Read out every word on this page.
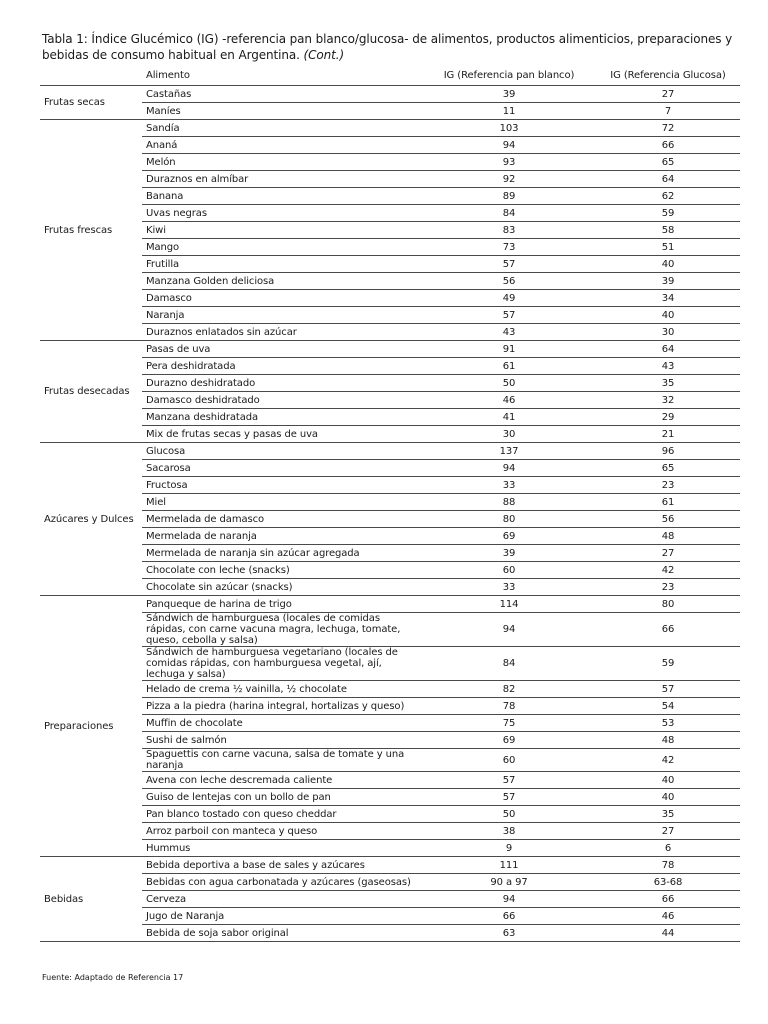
Tabla 1: Índice Glucémico (IG) -referencia pan blanco/glucosa- de alimentos, productos alimenticios, preparaciones y bebidas de consumo habitual en Argentina. (Cont.)
	Alimento	IG (Referencia pan blanco)	IG (Referencia Glucosa)
Frutas secas	Castañas	39	27
	Maníes	11	7
Frutas frescas	Sandía	103	72
	Ananá	94	66
	Melón	93	65
	Duraznos en almíbar	92	64
	Banana	89	62
	Uvas negras	84	59
	Kiwi	83	58
	Mango	73	51
	Frutilla	57	40
	Manzana Golden deliciosa	56	39
	Damasco	49	34
	Naranja	57	40
	Duraznos enlatados sin azúcar	43	30
Frutas desecadas	Pasas de uva	91	64
	Pera deshidratada	61	43
	Durazno deshidratado	50	35
	Damasco deshidratado	46	32
	Manzana deshidratada	41	29
	Mix de frutas secas y pasas de uva	30	21
Azúcares y Dulces	Glucosa	137	96
	Sacarosa	94	65
	Fructosa	33	23
	Miel	88	61
	Mermelada de damasco	80	56
	Mermelada de naranja	69	48
	Mermelada de naranja sin azúcar agregada	39	27
	Chocolate con leche (snacks)	60	42
	Chocolate sin azúcar (snacks)	33	23
Preparaciones	Panqueque de harina de trigo	114	80
	Sándwich de hamburguesa (locales de comidas rápidas, con carne vacuna magra, lechuga, tomate, queso, cebolla y salsa)	94	66
	Sándwich de hamburguesa vegetariano (locales de comidas rápidas, con hamburguesa vegetal, ají, lechuga y salsa)	84	59
	Helado de crema ½ vainilla, ½ chocolate	82	57
	Pizza a la piedra (harina integral, hortalizas y queso)	78	54
	Muffin de chocolate	75	53
	Sushi de salmón	69	48
	Spaguettis con carne vacuna, salsa de tomate y una naranja	60	42
	Avena con leche descremada caliente	57	40
	Guiso de lentejas con un bollo de pan	57	40
	Pan blanco tostado con queso cheddar	50	35
	Arroz parboil con manteca y queso	38	27
	Hummus	9	6
Bebidas	Bebida deportiva a base de sales y azúcares	111	78
	Bebidas con agua carbonatada y azúcares (gaseosas)	90 a 97	63-68
	Cerveza	94	66
	Jugo de Naranja	66	46
	Bebida de soja sabor original	63	44
Fuente: Adaptado de Referencia 17
